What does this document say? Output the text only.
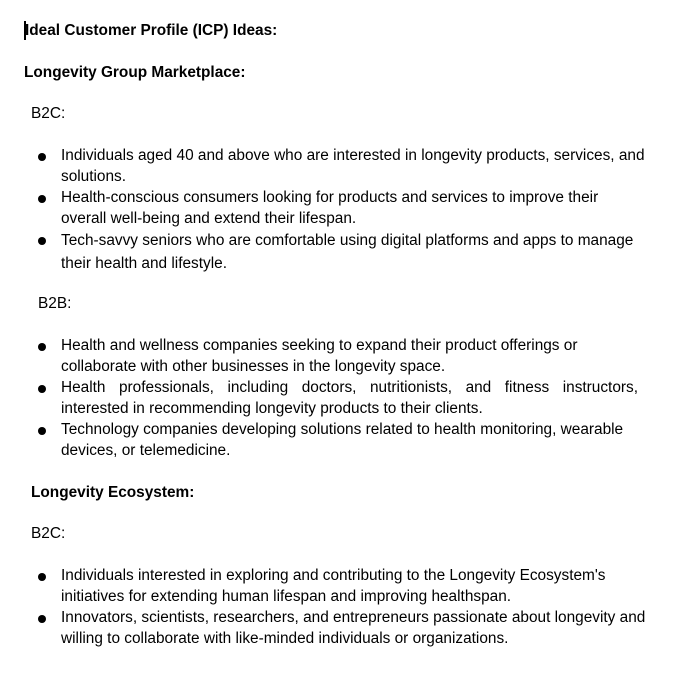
Ideal Customer Profile (ICP) Ideas:
Longevity Group Marketplace:
B2C:
Individuals aged 40 and above who are interested in longevity products, services, and solutions.
Health-conscious consumers looking for products and services to improve their overall well-being and extend their lifespan.
Tech-savvy seniors who are comfortable using digital platforms and apps to manage their health and lifestyle.
B2B:
Health and wellness companies seeking to expand their product offerings or collaborate with other businesses in the longevity space.
Health professionals, including doctors, nutritionists, and fitness instructors, interested in recommending longevity products to their clients.
Technology companies developing solutions related to health monitoring, wearable devices, or telemedicine.
Longevity Ecosystem:
B2C:
Individuals interested in exploring and contributing to the Longevity Ecosystem's initiatives for extending human lifespan and improving healthspan.
Innovators, scientists, researchers, and entrepreneurs passionate about longevity and willing to collaborate with like-minded individuals or organizations.
